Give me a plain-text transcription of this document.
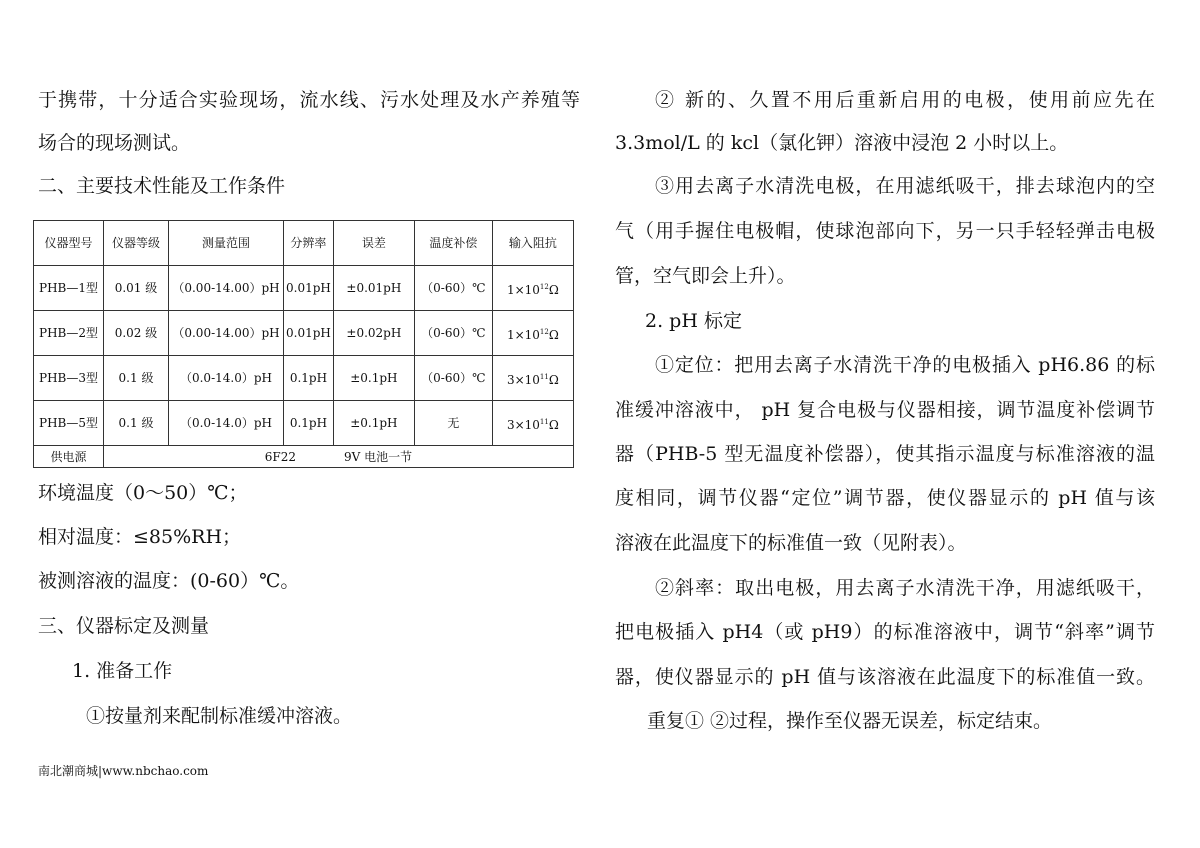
于携带，十分适合实验现场，流水线、污水处理及水产养殖等
场合的现场测试。
二、主要技术性能及工作条件
仪器型号	仪器等级	测量范围	分辨率	误差	温度补偿	输入阻抗
PHB—1型	0.01 级	（0.00-14.00）pH	0.01pH	±0.01pH	（0-60）℃	$1\times 10^{12}\Omega$
PHB—2型	0.02 级	（0.00-14.00）pH	0.01pH	±0.02pH	（0-60）℃	$1\times 10^{12}\Omega$
PHB—3型	0.1 级	（0.0-14.0）pH	0.1pH	±0.1pH	（0-60）℃	$3\times 10^{11}\Omega$
PHB—5型	0.1 级	（0.0-14.0）pH	0.1pH	±0.1pH	无	$3\times 10^{11}\Omega$
供电源	6F22　　　　9V 电池一节					
环境温度（0～50）℃；
相对温度：≤85%RH；
被测溶液的温度：(0-60）℃。
三、仪器标定及测量
1. 准备工作
①按量剂来配制标准缓冲溶液。
② 新的、久置不用后重新启用的电极，使用前应先在
3.3mol/L 的 kcl（氯化钾）溶液中浸泡 2 小时以上。
③用去离子水清洗电极，在用滤纸吸干，排去球泡内的空
气（用手握住电极帽，使球泡部向下，另一只手轻轻弹击电极
管，空气即会上升）。
2. pH 标定
①定位：把用去离子水清洗干净的电极插入 pH6.86 的标
准缓冲溶液中， pH 复合电极与仪器相接，调节温度补偿调节
器（PHB-5 型无温度补偿器），使其指示温度与标准溶液的温
度相同，调节仪器“定位”调节器，使仪器显示的 pH 值与该
溶液在此温度下的标准值一致（见附表）。
②斜率：取出电极，用去离子水清洗干净，用滤纸吸干，
把电极插入 pH4（或 pH9）的标准溶液中，调节“斜率”调节
器，使仪器显示的 pH 值与该溶液在此温度下的标准值一致。
重复① ②过程，操作至仪器无误差，标定结束。
南北潮商城|www.nbchao.com
